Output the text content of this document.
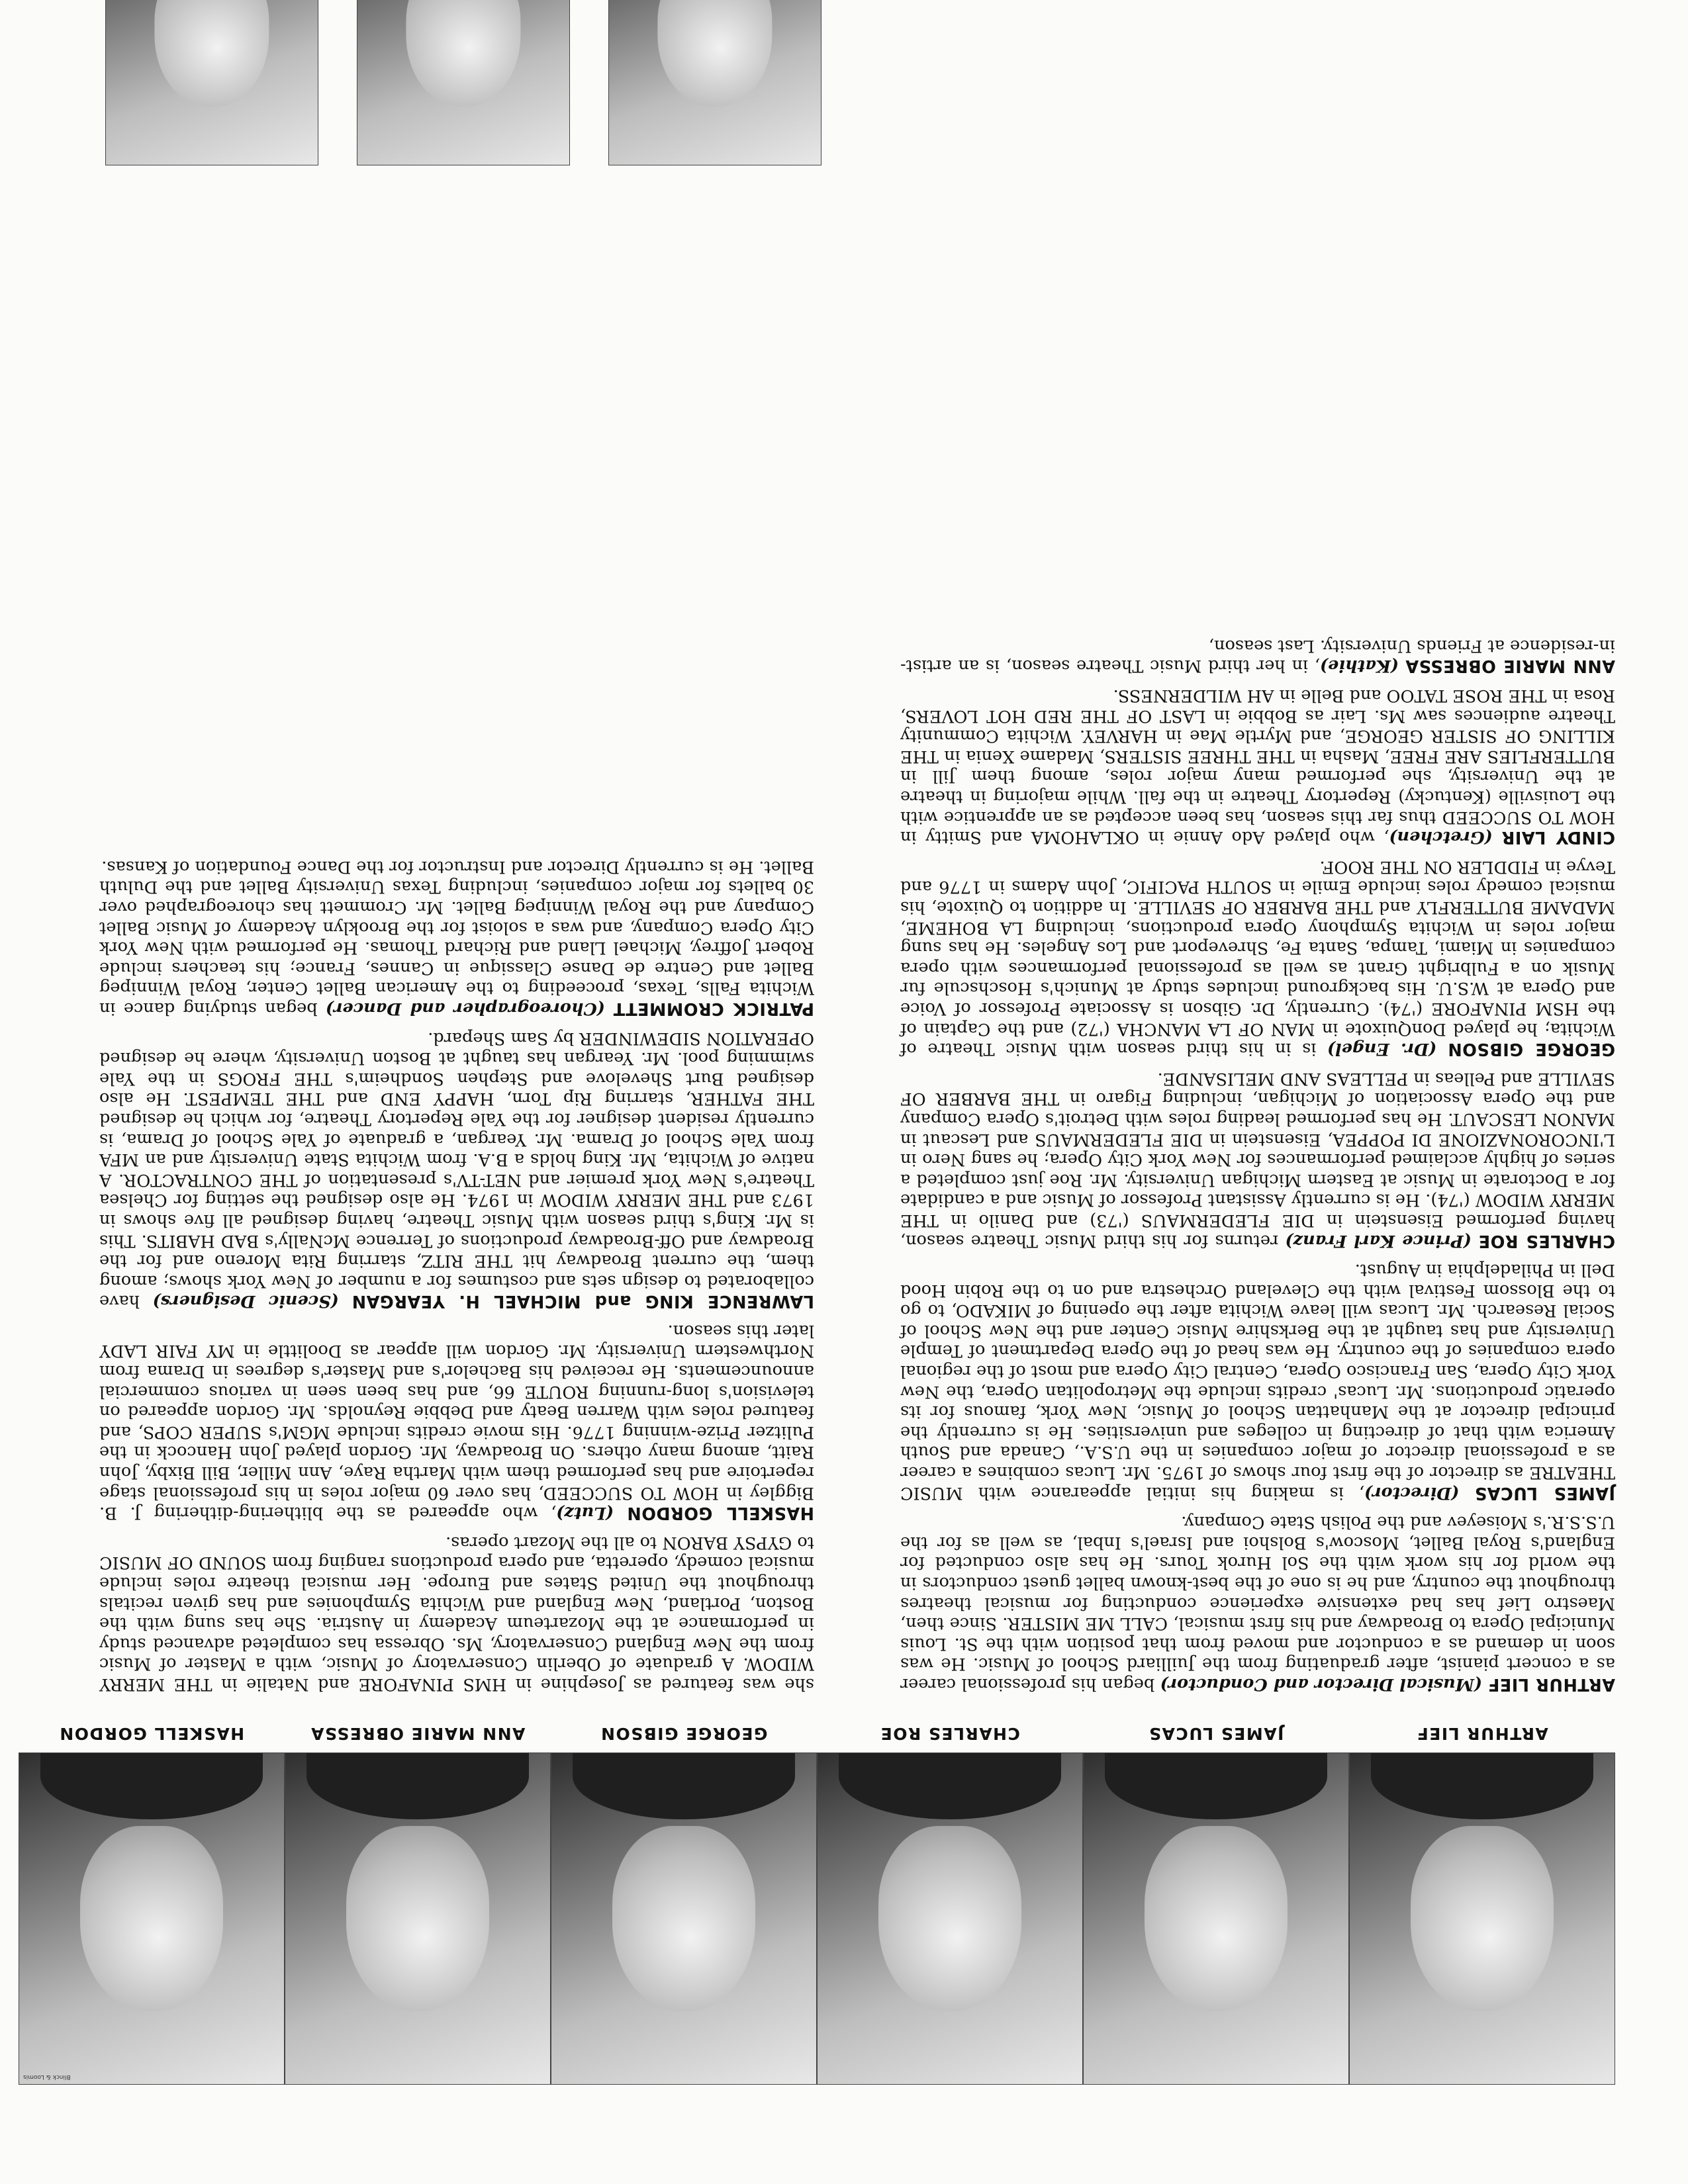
ARTHUR LIEF
JAMES LUCAS
CHARLES ROE
GEORGE GIBSON
ANN MARIE OBRESSA
Blinck & Loomis
HASKELL GORDON

ARTHUR LIEF (Musical Director and Conductor) began his professional career as a concert pianist, after graduating from the Juilliard School of Music. He was soon in demand as a conductor and moved from that position with the St. Louis Municipal Opera to Broadway and his first musical, CALL ME MISTER. Since then, Maestro Lief has had extensive experience conducting for musical theatres throughout the country, and he is one of the best-known ballet guest conductors in the world for his work with the Sol Hurok Tours. He has also conducted for England's Royal Ballet, Moscow's Bolshoi and Israel's Inbal, as well as for the U.S.S.R.'s Moiseyev and the Polish State Company.

JAMES LUCAS (Director), is making his initial appearance with MUSIC THEATRE as director of the first four shows of 1975. Mr. Lucas combines a career as a professional director of major companies in the U.S.A., Canada and South America with that of directing in colleges and universities. He is currently the principal director at the Manhattan School of Music, New York, famous for its operatic productions. Mr. Lucas' credits include the Metropolitan Opera, the New York City Opera, San Francisco Opera, Central City Opera and most of the regional opera companies of the country. He was head of the Opera Department of Temple University and has taught at the Berkshire Music Center and the New School of Social Research. Mr. Lucas will leave Wichita after the opening of MIKADO, to go to the Blossom Festival with the Cleveland Orchestra and on to the Robin Hood Dell in Philadelphia in August.

CHARLES ROE (Prince Karl Franz) returns for his third Music Theatre season, having performed Eisenstein in DIE FLEDERMAUS ('73) and Danilo in THE MERRY WIDOW ('74). He is currently Assistant Professor of Music and a candidate for a Doctorate in Music at Eastern Michigan University. Mr. Roe just completed a series of highly acclaimed performances for New York City Opera; he sang Nero in L'INCORONAZIONE DI POPPEA, Eisenstein in DIE FLEDERMAUS and Lescaut in MANON LESCAUT. He has performed leading roles with Detroit's Opera Company and the Opera Association of Michigan, including Figaro in THE BARBER OF SEVILLE and Pelleas in PELLEAS AND MELISANDE.

GEORGE GIBSON (Dr. Engel) is in his third season with Music Theatre of Wichita; he played DonQuixote in MAN OF LA MANCHA ('72) and the Captain of the HSM PINAFORE ('74). Currently, Dr. Gibson is Associate Professor of Voice and Opera at W.S.U. His background includes study at Munich's Hoschscule fur Musik on a Fulbright Grant as well as professional performances with opera companies in Miami, Tampa, Santa Fe, Shreveport and Los Angeles. He has sung major roles in Wichita Symphony Opera productions, including LA BOHEME, MADAME BUTTERFLY and THE BARBER OF SEVILLE. In addition to Quixote, his musical comedy roles include Emile in SOUTH PACIFIC, John Adams in 1776 and Tevye in FIDDLER ON THE ROOF.

CINDY LAIR (Gretchen), who played Ado Annie in OKLAHOMA and Smitty in HOW TO SUCCEED thus far this season, has been accepted as an apprentice with the Louisville (Kentucky) Repertory Theatre in the fall. While majoring in theatre at the University, she performed many major roles, among them Jill in BUTTERFLIES ARE FREE, Masha in THE THREE SISTERS, Madame Xenia in THE KILLING OF SISTER GEORGE, and Myrtle Mae in HARVEY. Wichita Community Theatre audiences saw Ms. Lair as Bobbie in LAST OF THE RED HOT LOVERS, Rosa in THE ROSE TATOO and Belle in AH WILDERNESS.

ANN MARIE OBRESSA (Kathie), in her third Music Theatre season, is an artist-in-residence at Friends University. Last season,

she was featured as Josephine in HMS PINAFORE and Natalie in THE MERRY WIDOW. A graduate of Oberlin Conservatory of Music, with a Master of Music from the New England Conservatory, Ms. Obressa has completed advanced study in performance at the Mozarteum Academy in Austria. She has sung with the Boston, Portland, New England and Wichita Symphonies and has given recitals throughout the United States and Europe. Her musical theatre roles include musical comedy, operetta, and opera productions ranging from SOUND OF MUSIC to GYPSY BARON to all the Mozart operas.

HASKELL GORDON (Lutz), who appeared as the blithering-dithering J. B. Biggley in HOW TO SUCCEED, has over 60 major roles in his professional stage repertoire and has performed them with Martha Raye, Ann Miller, Bill Bixby, John Raitt, among many others. On Broadway, Mr. Gordon played John Hancock in the Pulitzer Prize-winning 1776. His movie credits include MGM's SUPER COPS, and featured roles with Warren Beaty and Debbie Reynolds. Mr. Gordon appeared on television's long-running ROUTE 66, and has been seen in various commercial announcements. He received his Bachelor's and Master's degrees in Drama from Northwestern University. Mr. Gordon will appear as Doolittle in MY FAIR LADY later this season.

LAWRENCE KING and MICHAEL H. YEARGAN (Scenic Designers) have collaborated to design sets and costumes for a number of New York shows; among them, the current Broadway hit THE RITZ, starring Rita Moreno and for the Broadway and Off-Broadway productions of Terrence McNally's BAD HABITS. This is Mr. King's third season with Music Theatre, having designed all five shows in 1973 and THE MERRY WIDOW in 1974. He also designed the setting for Chelsea Theatre's New York premier and NET-TV's presentation of THE CONTRACTOR. A native of Wichita, Mr. King holds a B.A. from Wichita State University and an MFA from Yale School of Drama. Mr. Yeargan, a graduate of Yale School of Drama, is currently resident designer for the Yale Repertory Theatre, for which he designed THE FATHER, starring Rip Torn, HAPPY END and THE TEMPEST. He also designed Burt Shevelove and Stephen Sondheim's THE FROGS in the Yale swimming pool. Mr. Yeargan has taught at Boston University, where he designed OPERATION SIDEWINDER by Sam Shepard.

PATRICK CROMMETT (Choreographer and Dancer) began studying dance in Wichita Falls, Texas, proceeding to the American Ballet Center, Royal Winnipeg Ballet and Centre de Danse Classique in Cannes, France; his teachers include Robert Joffrey, Michael Lland and Richard Thomas. He performed with New York City Opera Company, and was a soloist for the Brooklyn Academy of Music Ballet Company and the Royal Winnipeg Ballet. Mr. Crommett has choreographed over 30 ballets for major companies, including Texas University Ballet and the Duluth Ballet. He is currently Director and Instructor for the Dance Foundation of Kansas.
